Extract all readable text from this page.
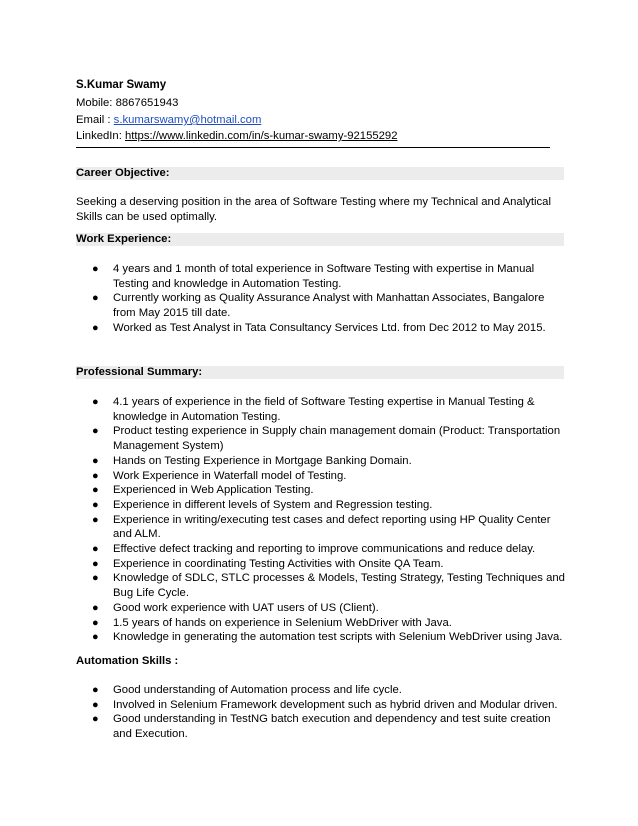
S.Kumar Swamy
Mobile: 8867651943
Email : s.kumarswamy@hotmail.com
LinkedIn: https://www.linkedin.com/in/s-kumar-swamy-92155292
Career Objective:
Seeking a deserving position in the area of Software Testing where my Technical and Analytical Skills can be used optimally.
Work Experience:
● 4 years and 1 month of total experience in Software Testing with expertise in Manual Testing and knowledge in Automation Testing.
● Currently working as Quality Assurance Analyst with Manhattan Associates, Bangalore from May 2015 till date.
● Worked as Test Analyst in Tata Consultancy Services Ltd. from Dec 2012 to May 2015.
Professional Summary:
● 4.1 years of experience in the field of Software Testing expertise in Manual Testing & knowledge in Automation Testing.
● Product testing experience in Supply chain management domain (Product: Transportation Management System)
● Hands on Testing Experience in Mortgage Banking Domain.
● Work Experience in Waterfall model of Testing.
● Experienced in Web Application Testing.
● Experience in different levels of System and Regression testing.
● Experience in writing/executing test cases and defect reporting using HP Quality Center and ALM.
● Effective defect tracking and reporting to improve communications and reduce delay.
● Experience in coordinating Testing Activities with Onsite QA Team.
● Knowledge of SDLC, STLC processes & Models, Testing Strategy, Testing Techniques and Bug Life Cycle.
● Good work experience with UAT users of US (Client).
● 1.5 years of hands on experience in Selenium WebDriver with Java.
● Knowledge in generating the automation test scripts with Selenium WebDriver using Java.
Automation Skills :
● Good understanding of Automation process and life cycle.
● Involved in Selenium Framework development such as hybrid driven and Modular driven.
● Good understanding in TestNG batch execution and dependency and test suite creation and Execution.
